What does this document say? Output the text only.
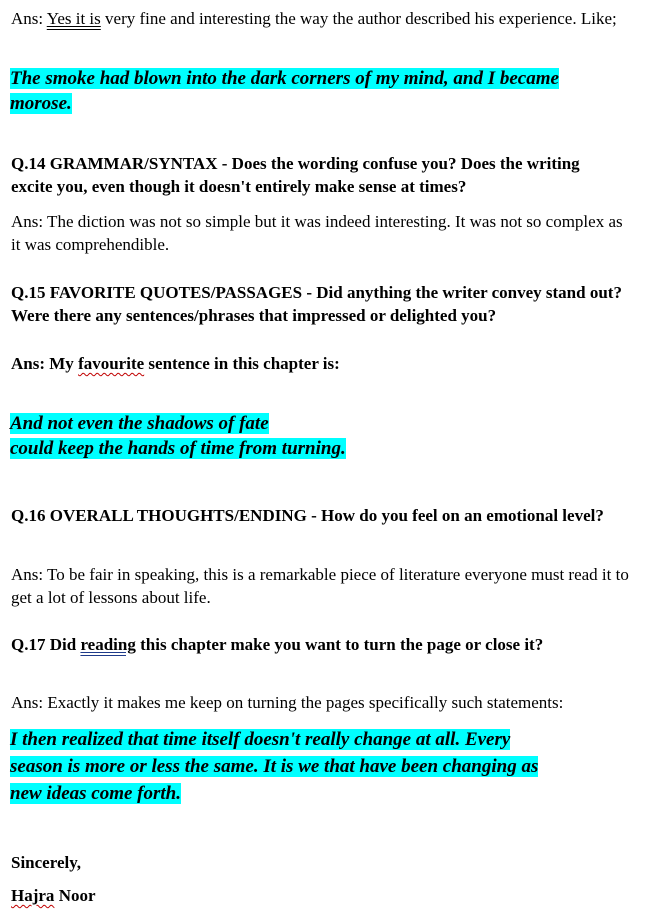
Ans: Yes it is very fine and interesting the way the author described his experience. Like;

The smoke had blown into the dark corners of my mind, and I became
morose.

Q.14 GRAMMAR/SYNTAX - Does the wording confuse you? Does the writing excite you, even though it doesn't entirely make sense at times?

Ans: The diction was not so simple but it was indeed interesting. It was not so complex as it was comprehendible.

Q.15 FAVORITE QUOTES/PASSAGES - Did anything the writer convey stand out? Were there any sentences/phrases that impressed or delighted you?

Ans: My favourite sentence in this chapter is:

And not even the shadows of fate
could keep the hands of time from turning.

Q.16 OVERALL THOUGHTS/ENDING - How do you feel on an emotional level?

Ans: To be fair in speaking, this is a remarkable piece of literature everyone must read it to get a lot of lessons about life.

Q.17 Did reading this chapter make you want to turn the page or close it?

Ans: Exactly it makes me keep on turning the pages specifically such statements:

I then realized that time itself doesn't really change at all. Every
season is more or less the same. It is we that have been changing as
new ideas come forth.

Sincerely,

Hajra Noor
